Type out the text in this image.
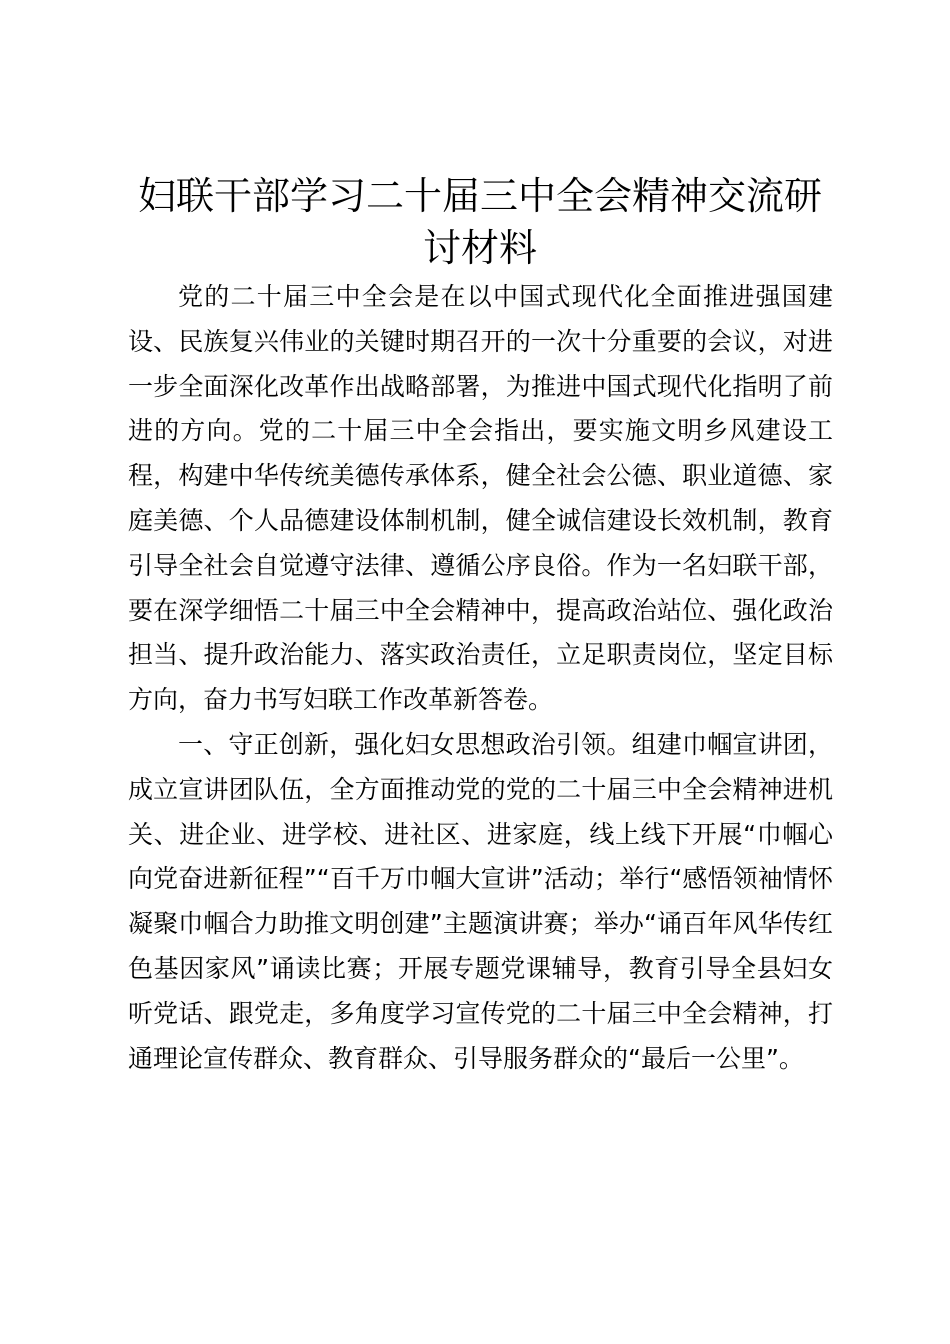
妇联干部学习二十届三中全会精神交流研讨材料

党的二十届三中全会是在以中国式现代化全面推进强国建设、民族复兴伟业的关键时期召开的一次十分重要的会议，对进一步全面深化改革作出战略部署，为推进中国式现代化指明了前进的方向。党的二十届三中全会指出，要实施文明乡风建设工程，构建中华传统美德传承体系，健全社会公德、职业道德、家庭美德、个人品德建设体制机制，健全诚信建设长效机制，教育引导全社会自觉遵守法律、遵循公序良俗。作为一名妇联干部，要在深学细悟二十届三中全会精神中，提高政治站位、强化政治担当、提升政治能力、落实政治责任，立足职责岗位，坚定目标方向，奋力书写妇联工作改革新答卷。

一、守正创新，强化妇女思想政治引领。组建巾帼宣讲团，成立宣讲团队伍，全方面推动党的党的二十届三中全会精神进机关、进企业、进学校、进社区、进家庭，线上线下开展“巾帼心向党奋进新征程”“百千万巾帼大宣讲”活动；举行“感悟领袖情怀凝聚巾帼合力助推文明创建”主题演讲赛；举办“诵百年风华传红色基因家风”诵读比赛；开展专题党课辅导，教育引导全县妇女听党话、跟党走，多角度学习宣传党的二十届三中全会精神，打通理论宣传群众、教育群众、引导服务群众的“最后一公里”。
